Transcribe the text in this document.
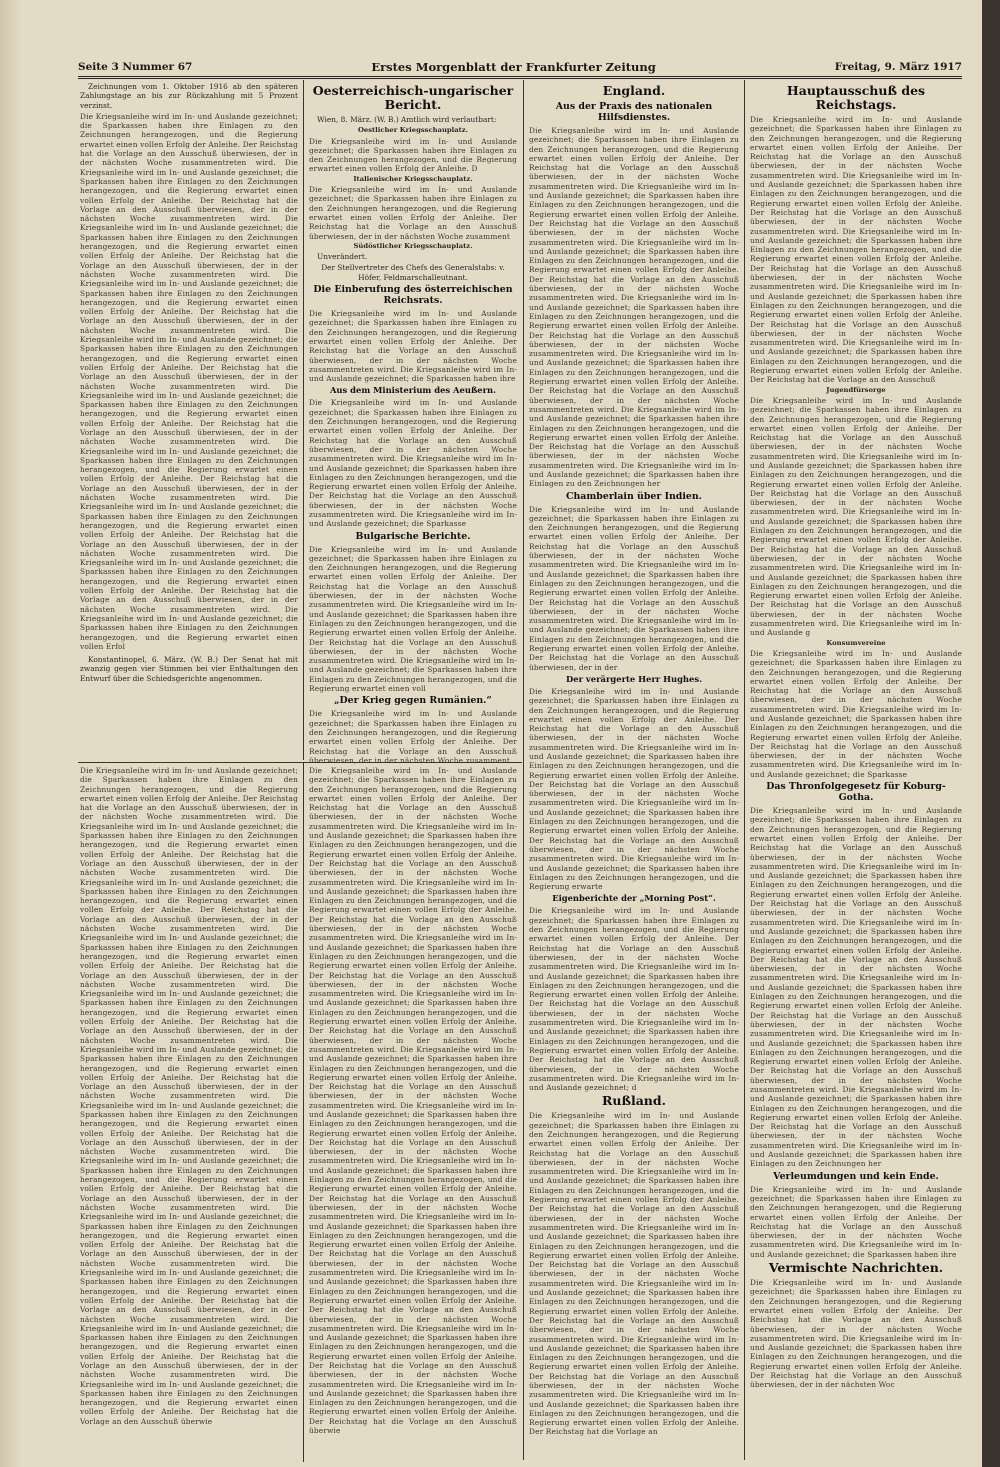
Seite 3 Nummer 67	Erstes Morgenblatt der Frankfurter Zeitung	Freitag, 9. März 1917

Zeichnungen vom 1. Oktober 1916 ab den späteren Zahlungstage an bis zur Rückzahlung mit 5 Prozent verzinst.

Die Kriegsanleihe wird im In- und Auslande gezeichnet; die Sparkassen haben ihre Einlagen zu den Zeichnungen herangezogen, und die Regierung erwartet einen vollen Erfolg der Anleihe. Der Reichstag hat die Vorlage an den Ausschuß überwiesen, der in der nächsten Woche zusammentreten wird. Die Kriegsanleihe wird im In- und Auslande gezeichnet; die Sparkassen haben ihre Einlagen zu den Zeichnungen herangezogen, und die Regierung erwartet einen vollen Erfolg der Anleihe. Der Reichstag hat die Vorlage an den Ausschuß überwiesen, der in der nächsten Woche zusammentreten wird. Die Kriegsanleihe wird im In- und Auslande gezeichnet; die Sparkassen haben ihre Einlagen zu den Zeichnungen herangezogen, und die Regierung erwartet einen vollen Erfolg der Anleihe. Der Reichstag hat die Vorlage an den Ausschuß überwiesen, der in der nächsten Woche zusammentreten wird. Die Kriegsanleihe wird im In- und Auslande gezeichnet; die Sparkassen haben ihre Einlagen zu den Zeichnungen herangezogen, und die Regierung erwartet einen vollen Erfolg der Anleihe. Der Reichstag hat die Vorlage an den Ausschuß überwiesen, der in der nächsten Woche zusammentreten wird. Die Kriegsanleihe wird im In- und Auslande gezeichnet; die Sparkassen haben ihre Einlagen zu den Zeichnungen herangezogen, und die Regierung erwartet einen vollen Erfolg der Anleihe. Der Reichstag hat die Vorlage an den Ausschuß überwiesen, der in der nächsten Woche zusammentreten wird. Die Kriegsanleihe wird im In- und Auslande gezeichnet; die Sparkassen haben ihre Einlagen zu den Zeichnungen herangezogen, und die Regierung erwartet einen vollen Erfolg der Anleihe. Der Reichstag hat die Vorlage an den Ausschuß überwiesen, der in der nächsten Woche zusammentreten wird. Die Kriegsanleihe wird im In- und Auslande gezeichnet; die Sparkassen haben ihre Einlagen zu den Zeichnungen herangezogen, und die Regierung erwartet einen vollen Erfolg der Anleihe. Der Reichstag hat die Vorlage an den Ausschuß überwiesen, der in der nächsten Woche zusammentreten wird. Die Kriegsanleihe wird im In- und Auslande gezeichnet; die Sparkassen haben ihre Einlagen zu den Zeichnungen herangezogen, und die Regierung erwartet einen vollen Erfolg der Anleihe. Der Reichstag hat die Vorlage an den Ausschuß überwiesen, der in der nächsten Woche zusammentreten wird. Die Kriegsanleihe wird im In- und Auslande gezeichnet; die Sparkassen haben ihre Einlagen zu den Zeichnungen herangezogen, und die Regierung erwartet einen vollen Erfolg der Anleihe. Der Reichstag hat die Vorlage an den Ausschuß überwiesen, der in der nächsten Woche zusammentreten wird. Die Kriegsanleihe wird im In- und Auslande gezeichnet; die Sparkassen haben ihre Einlagen zu den Zeichnungen herangezogen, und die Regierung erwartet einen vollen Erfol

Konstantinopel, 6. März. (W. B.) Der Senat hat mit zwanzig gegen vier Stimmen bei vier Enthaltungen den Entwurf über die Schiedsgerichte angenommen.

Oesterreichisch-ungarischer Bericht.

Wien, 8. März. (W. B.) Amtlich wird verlautbart:

Oestlicher Kriegsschauplatz.
Die Kriegsanleihe wird im In- und Auslande gezeichnet; die Sparkassen haben ihre Einlagen zu den Zeichnungen herangezogen, und die Regierung erwartet einen vollen Erfolg der Anleihe. D
Italienischer Kriegsschauplatz.
Die Kriegsanleihe wird im In- und Auslande gezeichnet; die Sparkassen haben ihre Einlagen zu den Zeichnungen herangezogen, und die Regierung erwartet einen vollen Erfolg der Anleihe. Der Reichstag hat die Vorlage an den Ausschuß überwiesen, der in der nächsten Woche zusamment
Südöstlicher Kriegsschauplatz.

Unverändert.

Der Stellvertreter des Chefs des Generalstabs: v. Höfer, Feldmarschalleutnant.

Die Einberufung des österreichischen Reichsrats.
Die Kriegsanleihe wird im In- und Auslande gezeichnet; die Sparkassen haben ihre Einlagen zu den Zeichnungen herangezogen, und die Regierung erwartet einen vollen Erfolg der Anleihe. Der Reichstag hat die Vorlage an den Ausschuß überwiesen, der in der nächsten Woche zusammentreten wird. Die Kriegsanleihe wird im In- und Auslande gezeichnet; die Sparkassen haben ihre
Aus dem Ministerium des Aeußern.
Die Kriegsanleihe wird im In- und Auslande gezeichnet; die Sparkassen haben ihre Einlagen zu den Zeichnungen herangezogen, und die Regierung erwartet einen vollen Erfolg der Anleihe. Der Reichstag hat die Vorlage an den Ausschuß überwiesen, der in der nächsten Woche zusammentreten wird. Die Kriegsanleihe wird im In- und Auslande gezeichnet; die Sparkassen haben ihre Einlagen zu den Zeichnungen herangezogen, und die Regierung erwartet einen vollen Erfolg der Anleihe. Der Reichstag hat die Vorlage an den Ausschuß überwiesen, der in der nächsten Woche zusammentreten wird. Die Kriegsanleihe wird im In- und Auslande gezeichnet; die Sparkasse
Bulgarische Berichte.
Die Kriegsanleihe wird im In- und Auslande gezeichnet; die Sparkassen haben ihre Einlagen zu den Zeichnungen herangezogen, und die Regierung erwartet einen vollen Erfolg der Anleihe. Der Reichstag hat die Vorlage an den Ausschuß überwiesen, der in der nächsten Woche zusammentreten wird. Die Kriegsanleihe wird im In- und Auslande gezeichnet; die Sparkassen haben ihre Einlagen zu den Zeichnungen herangezogen, und die Regierung erwartet einen vollen Erfolg der Anleihe. Der Reichstag hat die Vorlage an den Ausschuß überwiesen, der in der nächsten Woche zusammentreten wird. Die Kriegsanleihe wird im In- und Auslande gezeichnet; die Sparkassen haben ihre Einlagen zu den Zeichnungen herangezogen, und die Regierung erwartet einen voll
„Der Krieg gegen Rumänien.“
Die Kriegsanleihe wird im In- und Auslande gezeichnet; die Sparkassen haben ihre Einlagen zu den Zeichnungen herangezogen, und die Regierung erwartet einen vollen Erfolg der Anleihe. Der Reichstag hat die Vorlage an den Ausschuß überwiesen, der in der nächsten Woche zusamment
Die Kriegsanleihe wird im In- und Auslande gezeichnet; die Sparkassen haben ihre Einlagen zu den Zeichnungen herangezogen, und die Regierung erwartet einen vollen Erfolg der Anleihe. Der Reichstag hat die Vorlage an den Ausschuß überwiesen, der in der nächsten Woche zusammentreten wird. Die Kriegsanleihe wird im In- und Auslande gezeichnet; die Sparkassen haben ihre Einlagen zu den Zeichnungen herangezogen, und die Regierung erwartet einen vollen Erfolg der Anleihe. Der Reichstag hat die Vorlage an den Ausschuß überwiesen, der in der nächsten Woche zusammentreten wird. Die Kriegsanleihe wird im In- und Auslande gezeichnet; die Sparkassen haben ihre Einlagen zu den Zeichnungen herangezogen, und die Regierung erwartet einen vollen Erfolg der Anleihe. Der Reichstag hat die Vorlage an den Ausschuß überwiesen, der in der nächsten Woche zusammentreten wird. Die Kriegsanleihe wird im In- und Auslande gezeichnet; die Sparkassen haben ihre Einlagen zu den Zeichnungen herangezogen, und die Regierung erwartet einen vollen Erfolg der Anleihe. Der Reichstag hat die Vorlage an den Ausschuß überwiesen, der in der nächsten Woche zusammentreten wird. Die Kriegsanleihe wird im In- und Auslande gezeichnet; die Sparkassen haben ihre Einlagen zu den Zeichnungen herangezogen, und die Regierung erwartet einen vollen Erfolg der Anleihe. Der Reichstag hat die Vorlage an den Ausschuß überwiesen, der in der nächsten Woche zusammentreten wird. Die Kriegsanleihe wird im In- und Auslande gezeichnet; die Sparkassen haben ihre Einlagen zu den Zeichnungen herangezogen, und die Regierung erwartet einen vollen Erfolg der Anleihe. Der Reichstag hat die Vorlage an den Ausschuß überwiesen, der in der nächsten Woche zusammentreten wird. Die Kriegsanleihe wird im In- und Auslande gezeichnet; die Sparkassen haben ihre Einlagen zu den Zeichnungen herangezogen, und die Regierung erwartet einen vollen Erfolg der Anleihe. Der Reichstag hat die Vorlage an den Ausschuß überwiesen, der in der nächsten Woche zusammentreten wird. Die Kriegsanleihe wird im In- und Auslande gezeichnet; die Sparkassen haben ihre Einlagen zu den Zeichnungen herangezogen, und die Regierung erwartet einen vollen Erfolg der Anleihe. Der Reichstag hat die Vorlage an den Ausschuß überwiesen, der in der nächsten Woche zusammentreten wird. Die Kriegsanleihe wird im In- und Auslande gezeichnet; die Sparkassen haben ihre Einlagen zu den Zeichnungen herangezogen, und die Regierung erwartet einen vollen Erfolg der Anleihe. Der Reichstag hat die Vorlage an den Ausschuß überwiesen, der in der nächsten Woche zusammentreten wird. Die Kriegsanleihe wird im In- und Auslande gezeichnet; die Sparkassen haben ihre Einlagen zu den Zeichnungen herangezogen, und die Regierung erwartet einen vollen Erfolg der Anleihe. Der Reichstag hat die Vorlage an den Ausschuß überwiesen, der in der nächsten Woche zusammentreten wird. Die Kriegsanleihe wird im In- und Auslande gezeichnet; die Sparkassen haben ihre Einlagen zu den Zeichnungen herangezogen, und die Regierung erwartet einen vollen Erfolg der Anleihe. Der Reichstag hat die Vorlage an den Ausschuß überwiesen, der in der nächsten Woche zusammentreten wird. Die Kriegsanleihe wird im In- und Auslande gezeichnet; die Sparkassen haben ihre Einlagen zu den Zeichnungen herangezogen, und die Regierung erwartet einen vollen Erfolg der Anleihe. Der Reichstag hat die Vorlage an den Ausschuß überwie
Die Kriegsanleihe wird im In- und Auslande gezeichnet; die Sparkassen haben ihre Einlagen zu den Zeichnungen herangezogen, und die Regierung erwartet einen vollen Erfolg der Anleihe. Der Reichstag hat die Vorlage an den Ausschuß überwiesen, der in der nächsten Woche zusammentreten wird. Die Kriegsanleihe wird im In- und Auslande gezeichnet; die Sparkassen haben ihre Einlagen zu den Zeichnungen herangezogen, und die Regierung erwartet einen vollen Erfolg der Anleihe. Der Reichstag hat die Vorlage an den Ausschuß überwiesen, der in der nächsten Woche zusammentreten wird. Die Kriegsanleihe wird im In- und Auslande gezeichnet; die Sparkassen haben ihre Einlagen zu den Zeichnungen herangezogen, und die Regierung erwartet einen vollen Erfolg der Anleihe. Der Reichstag hat die Vorlage an den Ausschuß überwiesen, der in der nächsten Woche zusammentreten wird. Die Kriegsanleihe wird im In- und Auslande gezeichnet; die Sparkassen haben ihre Einlagen zu den Zeichnungen herangezogen, und die Regierung erwartet einen vollen Erfolg der Anleihe. Der Reichstag hat die Vorlage an den Ausschuß überwiesen, der in der nächsten Woche zusammentreten wird. Die Kriegsanleihe wird im In- und Auslande gezeichnet; die Sparkassen haben ihre Einlagen zu den Zeichnungen herangezogen, und die Regierung erwartet einen vollen Erfolg der Anleihe. Der Reichstag hat die Vorlage an den Ausschuß überwiesen, der in der nächsten Woche zusammentreten wird. Die Kriegsanleihe wird im In- und Auslande gezeichnet; die Sparkassen haben ihre Einlagen zu den Zeichnungen herangezogen, und die Regierung erwartet einen vollen Erfolg der Anleihe. Der Reichstag hat die Vorlage an den Ausschuß überwiesen, der in der nächsten Woche zusammentreten wird. Die Kriegsanleihe wird im In- und Auslande gezeichnet; die Sparkassen haben ihre Einlagen zu den Zeichnungen herangezogen, und die Regierung erwartet einen vollen Erfolg der Anleihe. Der Reichstag hat die Vorlage an den Ausschuß überwiesen, der in der nächsten Woche zusammentreten wird. Die Kriegsanleihe wird im In- und Auslande gezeichnet; die Sparkassen haben ihre Einlagen zu den Zeichnungen herangezogen, und die Regierung erwartet einen vollen Erfolg der Anleihe. Der Reichstag hat die Vorlage an den Ausschuß überwiesen, der in der nächsten Woche zusammentreten wird. Die Kriegsanleihe wird im In- und Auslande gezeichnet; die Sparkassen haben ihre Einlagen zu den Zeichnungen herangezogen, und die Regierung erwartet einen vollen Erfolg der Anleihe. Der Reichstag hat die Vorlage an den Ausschuß überwiesen, der in der nächsten Woche zusammentreten wird. Die Kriegsanleihe wird im In- und Auslande gezeichnet; die Sparkassen haben ihre Einlagen zu den Zeichnungen herangezogen, und die Regierung erwartet einen vollen Erfolg der Anleihe. Der Reichstag hat die Vorlage an den Ausschuß überwiesen, der in der nächsten Woche zusammentreten wird. Die Kriegsanleihe wird im In- und Auslande gezeichnet; die Sparkassen haben ihre Einlagen zu den Zeichnungen herangezogen, und die Regierung erwartet einen vollen Erfolg der Anleihe. Der Reichstag hat die Vorlage an den Ausschuß überwiesen, der in der nächsten Woche zusammentreten wird. Die Kriegsanleihe wird im In- und Auslande gezeichnet; die Sparkassen haben ihre Einlagen zu den Zeichnungen herangezogen, und die Regierung erwartet einen vollen Erfolg der Anleihe. Der Reichstag hat die Vorlage an den Ausschuß überwie
England.
Aus der Praxis des nationalen Hilfsdienstes.
Die Kriegsanleihe wird im In- und Auslande gezeichnet; die Sparkassen haben ihre Einlagen zu den Zeichnungen herangezogen, und die Regierung erwartet einen vollen Erfolg der Anleihe. Der Reichstag hat die Vorlage an den Ausschuß überwiesen, der in der nächsten Woche zusammentreten wird. Die Kriegsanleihe wird im In- und Auslande gezeichnet; die Sparkassen haben ihre Einlagen zu den Zeichnungen herangezogen, und die Regierung erwartet einen vollen Erfolg der Anleihe. Der Reichstag hat die Vorlage an den Ausschuß überwiesen, der in der nächsten Woche zusammentreten wird. Die Kriegsanleihe wird im In- und Auslande gezeichnet; die Sparkassen haben ihre Einlagen zu den Zeichnungen herangezogen, und die Regierung erwartet einen vollen Erfolg der Anleihe. Der Reichstag hat die Vorlage an den Ausschuß überwiesen, der in der nächsten Woche zusammentreten wird. Die Kriegsanleihe wird im In- und Auslande gezeichnet; die Sparkassen haben ihre Einlagen zu den Zeichnungen herangezogen, und die Regierung erwartet einen vollen Erfolg der Anleihe. Der Reichstag hat die Vorlage an den Ausschuß überwiesen, der in der nächsten Woche zusammentreten wird. Die Kriegsanleihe wird im In- und Auslande gezeichnet; die Sparkassen haben ihre Einlagen zu den Zeichnungen herangezogen, und die Regierung erwartet einen vollen Erfolg der Anleihe. Der Reichstag hat die Vorlage an den Ausschuß überwiesen, der in der nächsten Woche zusammentreten wird. Die Kriegsanleihe wird im In- und Auslande gezeichnet; die Sparkassen haben ihre Einlagen zu den Zeichnungen herangezogen, und die Regierung erwartet einen vollen Erfolg der Anleihe. Der Reichstag hat die Vorlage an den Ausschuß überwiesen, der in der nächsten Woche zusammentreten wird. Die Kriegsanleihe wird im In- und Auslande gezeichnet; die Sparkassen haben ihre Einlagen zu den Zeichnungen her
Chamberlain über Indien.
Die Kriegsanleihe wird im In- und Auslande gezeichnet; die Sparkassen haben ihre Einlagen zu den Zeichnungen herangezogen, und die Regierung erwartet einen vollen Erfolg der Anleihe. Der Reichstag hat die Vorlage an den Ausschuß überwiesen, der in der nächsten Woche zusammentreten wird. Die Kriegsanleihe wird im In- und Auslande gezeichnet; die Sparkassen haben ihre Einlagen zu den Zeichnungen herangezogen, und die Regierung erwartet einen vollen Erfolg der Anleihe. Der Reichstag hat die Vorlage an den Ausschuß überwiesen, der in der nächsten Woche zusammentreten wird. Die Kriegsanleihe wird im In- und Auslande gezeichnet; die Sparkassen haben ihre Einlagen zu den Zeichnungen herangezogen, und die Regierung erwartet einen vollen Erfolg der Anleihe. Der Reichstag hat die Vorlage an den Ausschuß überwiesen, der in der
Der verärgerte Herr Hughes.
Die Kriegsanleihe wird im In- und Auslande gezeichnet; die Sparkassen haben ihre Einlagen zu den Zeichnungen herangezogen, und die Regierung erwartet einen vollen Erfolg der Anleihe. Der Reichstag hat die Vorlage an den Ausschuß überwiesen, der in der nächsten Woche zusammentreten wird. Die Kriegsanleihe wird im In- und Auslande gezeichnet; die Sparkassen haben ihre Einlagen zu den Zeichnungen herangezogen, und die Regierung erwartet einen vollen Erfolg der Anleihe. Der Reichstag hat die Vorlage an den Ausschuß überwiesen, der in der nächsten Woche zusammentreten wird. Die Kriegsanleihe wird im In- und Auslande gezeichnet; die Sparkassen haben ihre Einlagen zu den Zeichnungen herangezogen, und die Regierung erwartet einen vollen Erfolg der Anleihe. Der Reichstag hat die Vorlage an den Ausschuß überwiesen, der in der nächsten Woche zusammentreten wird. Die Kriegsanleihe wird im In- und Auslande gezeichnet; die Sparkassen haben ihre Einlagen zu den Zeichnungen herangezogen, und die Regierung erwarte
Eigenberichte der „Morning Post“.
Die Kriegsanleihe wird im In- und Auslande gezeichnet; die Sparkassen haben ihre Einlagen zu den Zeichnungen herangezogen, und die Regierung erwartet einen vollen Erfolg der Anleihe. Der Reichstag hat die Vorlage an den Ausschuß überwiesen, der in der nächsten Woche zusammentreten wird. Die Kriegsanleihe wird im In- und Auslande gezeichnet; die Sparkassen haben ihre Einlagen zu den Zeichnungen herangezogen, und die Regierung erwartet einen vollen Erfolg der Anleihe. Der Reichstag hat die Vorlage an den Ausschuß überwiesen, der in der nächsten Woche zusammentreten wird. Die Kriegsanleihe wird im In- und Auslande gezeichnet; die Sparkassen haben ihre Einlagen zu den Zeichnungen herangezogen, und die Regierung erwartet einen vollen Erfolg der Anleihe. Der Reichstag hat die Vorlage an den Ausschuß überwiesen, der in der nächsten Woche zusammentreten wird. Die Kriegsanleihe wird im In- und Auslande gezeichnet; d
Rußland.
Die Kriegsanleihe wird im In- und Auslande gezeichnet; die Sparkassen haben ihre Einlagen zu den Zeichnungen herangezogen, und die Regierung erwartet einen vollen Erfolg der Anleihe. Der Reichstag hat die Vorlage an den Ausschuß überwiesen, der in der nächsten Woche zusammentreten wird. Die Kriegsanleihe wird im In- und Auslande gezeichnet; die Sparkassen haben ihre Einlagen zu den Zeichnungen herangezogen, und die Regierung erwartet einen vollen Erfolg der Anleihe. Der Reichstag hat die Vorlage an den Ausschuß überwiesen, der in der nächsten Woche zusammentreten wird. Die Kriegsanleihe wird im In- und Auslande gezeichnet; die Sparkassen haben ihre Einlagen zu den Zeichnungen herangezogen, und die Regierung erwartet einen vollen Erfolg der Anleihe. Der Reichstag hat die Vorlage an den Ausschuß überwiesen, der in der nächsten Woche zusammentreten wird. Die Kriegsanleihe wird im In- und Auslande gezeichnet; die Sparkassen haben ihre Einlagen zu den Zeichnungen herangezogen, und die Regierung erwartet einen vollen Erfolg der Anleihe. Der Reichstag hat die Vorlage an den Ausschuß überwiesen, der in der nächsten Woche zusammentreten wird. Die Kriegsanleihe wird im In- und Auslande gezeichnet; die Sparkassen haben ihre Einlagen zu den Zeichnungen herangezogen, und die Regierung erwartet einen vollen Erfolg der Anleihe. Der Reichstag hat die Vorlage an den Ausschuß überwiesen, der in der nächsten Woche zusammentreten wird. Die Kriegsanleihe wird im In- und Auslande gezeichnet; die Sparkassen haben ihre Einlagen zu den Zeichnungen herangezogen, und die Regierung erwartet einen vollen Erfolg der Anleihe. Der Reichstag hat die Vorlage an
Hauptausschuß des Reichstags.
Die Kriegsanleihe wird im In- und Auslande gezeichnet; die Sparkassen haben ihre Einlagen zu den Zeichnungen herangezogen, und die Regierung erwartet einen vollen Erfolg der Anleihe. Der Reichstag hat die Vorlage an den Ausschuß überwiesen, der in der nächsten Woche zusammentreten wird. Die Kriegsanleihe wird im In- und Auslande gezeichnet; die Sparkassen haben ihre Einlagen zu den Zeichnungen herangezogen, und die Regierung erwartet einen vollen Erfolg der Anleihe. Der Reichstag hat die Vorlage an den Ausschuß überwiesen, der in der nächsten Woche zusammentreten wird. Die Kriegsanleihe wird im In- und Auslande gezeichnet; die Sparkassen haben ihre Einlagen zu den Zeichnungen herangezogen, und die Regierung erwartet einen vollen Erfolg der Anleihe. Der Reichstag hat die Vorlage an den Ausschuß überwiesen, der in der nächsten Woche zusammentreten wird. Die Kriegsanleihe wird im In- und Auslande gezeichnet; die Sparkassen haben ihre Einlagen zu den Zeichnungen herangezogen, und die Regierung erwartet einen vollen Erfolg der Anleihe. Der Reichstag hat die Vorlage an den Ausschuß überwiesen, der in der nächsten Woche zusammentreten wird. Die Kriegsanleihe wird im In- und Auslande gezeichnet; die Sparkassen haben ihre Einlagen zu den Zeichnungen herangezogen, und die Regierung erwartet einen vollen Erfolg der Anleihe. Der Reichstag hat die Vorlage an den Ausschuß
Jugendfürsorge
Die Kriegsanleihe wird im In- und Auslande gezeichnet; die Sparkassen haben ihre Einlagen zu den Zeichnungen herangezogen, und die Regierung erwartet einen vollen Erfolg der Anleihe. Der Reichstag hat die Vorlage an den Ausschuß überwiesen, der in der nächsten Woche zusammentreten wird. Die Kriegsanleihe wird im In- und Auslande gezeichnet; die Sparkassen haben ihre Einlagen zu den Zeichnungen herangezogen, und die Regierung erwartet einen vollen Erfolg der Anleihe. Der Reichstag hat die Vorlage an den Ausschuß überwiesen, der in der nächsten Woche zusammentreten wird. Die Kriegsanleihe wird im In- und Auslande gezeichnet; die Sparkassen haben ihre Einlagen zu den Zeichnungen herangezogen, und die Regierung erwartet einen vollen Erfolg der Anleihe. Der Reichstag hat die Vorlage an den Ausschuß überwiesen, der in der nächsten Woche zusammentreten wird. Die Kriegsanleihe wird im In- und Auslande gezeichnet; die Sparkassen haben ihre Einlagen zu den Zeichnungen herangezogen, und die Regierung erwartet einen vollen Erfolg der Anleihe. Der Reichstag hat die Vorlage an den Ausschuß überwiesen, der in der nächsten Woche zusammentreten wird. Die Kriegsanleihe wird im In- und Auslande g
Konsumvereine
Die Kriegsanleihe wird im In- und Auslande gezeichnet; die Sparkassen haben ihre Einlagen zu den Zeichnungen herangezogen, und die Regierung erwartet einen vollen Erfolg der Anleihe. Der Reichstag hat die Vorlage an den Ausschuß überwiesen, der in der nächsten Woche zusammentreten wird. Die Kriegsanleihe wird im In- und Auslande gezeichnet; die Sparkassen haben ihre Einlagen zu den Zeichnungen herangezogen, und die Regierung erwartet einen vollen Erfolg der Anleihe. Der Reichstag hat die Vorlage an den Ausschuß überwiesen, der in der nächsten Woche zusammentreten wird. Die Kriegsanleihe wird im In- und Auslande gezeichnet; die Sparkasse
Das Thronfolgegesetz für Koburg-Gotha.
Die Kriegsanleihe wird im In- und Auslande gezeichnet; die Sparkassen haben ihre Einlagen zu den Zeichnungen herangezogen, und die Regierung erwartet einen vollen Erfolg der Anleihe. Der Reichstag hat die Vorlage an den Ausschuß überwiesen, der in der nächsten Woche zusammentreten wird. Die Kriegsanleihe wird im In- und Auslande gezeichnet; die Sparkassen haben ihre Einlagen zu den Zeichnungen herangezogen, und die Regierung erwartet einen vollen Erfolg der Anleihe. Der Reichstag hat die Vorlage an den Ausschuß überwiesen, der in der nächsten Woche zusammentreten wird. Die Kriegsanleihe wird im In- und Auslande gezeichnet; die Sparkassen haben ihre Einlagen zu den Zeichnungen herangezogen, und die Regierung erwartet einen vollen Erfolg der Anleihe. Der Reichstag hat die Vorlage an den Ausschuß überwiesen, der in der nächsten Woche zusammentreten wird. Die Kriegsanleihe wird im In- und Auslande gezeichnet; die Sparkassen haben ihre Einlagen zu den Zeichnungen herangezogen, und die Regierung erwartet einen vollen Erfolg der Anleihe. Der Reichstag hat die Vorlage an den Ausschuß überwiesen, der in der nächsten Woche zusammentreten wird. Die Kriegsanleihe wird im In- und Auslande gezeichnet; die Sparkassen haben ihre Einlagen zu den Zeichnungen herangezogen, und die Regierung erwartet einen vollen Erfolg der Anleihe. Der Reichstag hat die Vorlage an den Ausschuß überwiesen, der in der nächsten Woche zusammentreten wird. Die Kriegsanleihe wird im In- und Auslande gezeichnet; die Sparkassen haben ihre Einlagen zu den Zeichnungen herangezogen, und die Regierung erwartet einen vollen Erfolg der Anleihe. Der Reichstag hat die Vorlage an den Ausschuß überwiesen, der in der nächsten Woche zusammentreten wird. Die Kriegsanleihe wird im In- und Auslande gezeichnet; die Sparkassen haben ihre Einlagen zu den Zeichnungen her
Verleumdungen und kein Ende.
Die Kriegsanleihe wird im In- und Auslande gezeichnet; die Sparkassen haben ihre Einlagen zu den Zeichnungen herangezogen, und die Regierung erwartet einen vollen Erfolg der Anleihe. Der Reichstag hat die Vorlage an den Ausschuß überwiesen, der in der nächsten Woche zusammentreten wird. Die Kriegsanleihe wird im In- und Auslande gezeichnet; die Sparkassen haben ihre
Vermischte Nachrichten.
Die Kriegsanleihe wird im In- und Auslande gezeichnet; die Sparkassen haben ihre Einlagen zu den Zeichnungen herangezogen, und die Regierung erwartet einen vollen Erfolg der Anleihe. Der Reichstag hat die Vorlage an den Ausschuß überwiesen, der in der nächsten Woche zusammentreten wird. Die Kriegsanleihe wird im In- und Auslande gezeichnet; die Sparkassen haben ihre Einlagen zu den Zeichnungen herangezogen, und die Regierung erwartet einen vollen Erfolg der Anleihe. Der Reichstag hat die Vorlage an den Ausschuß überwiesen, der in der nächsten Woc
